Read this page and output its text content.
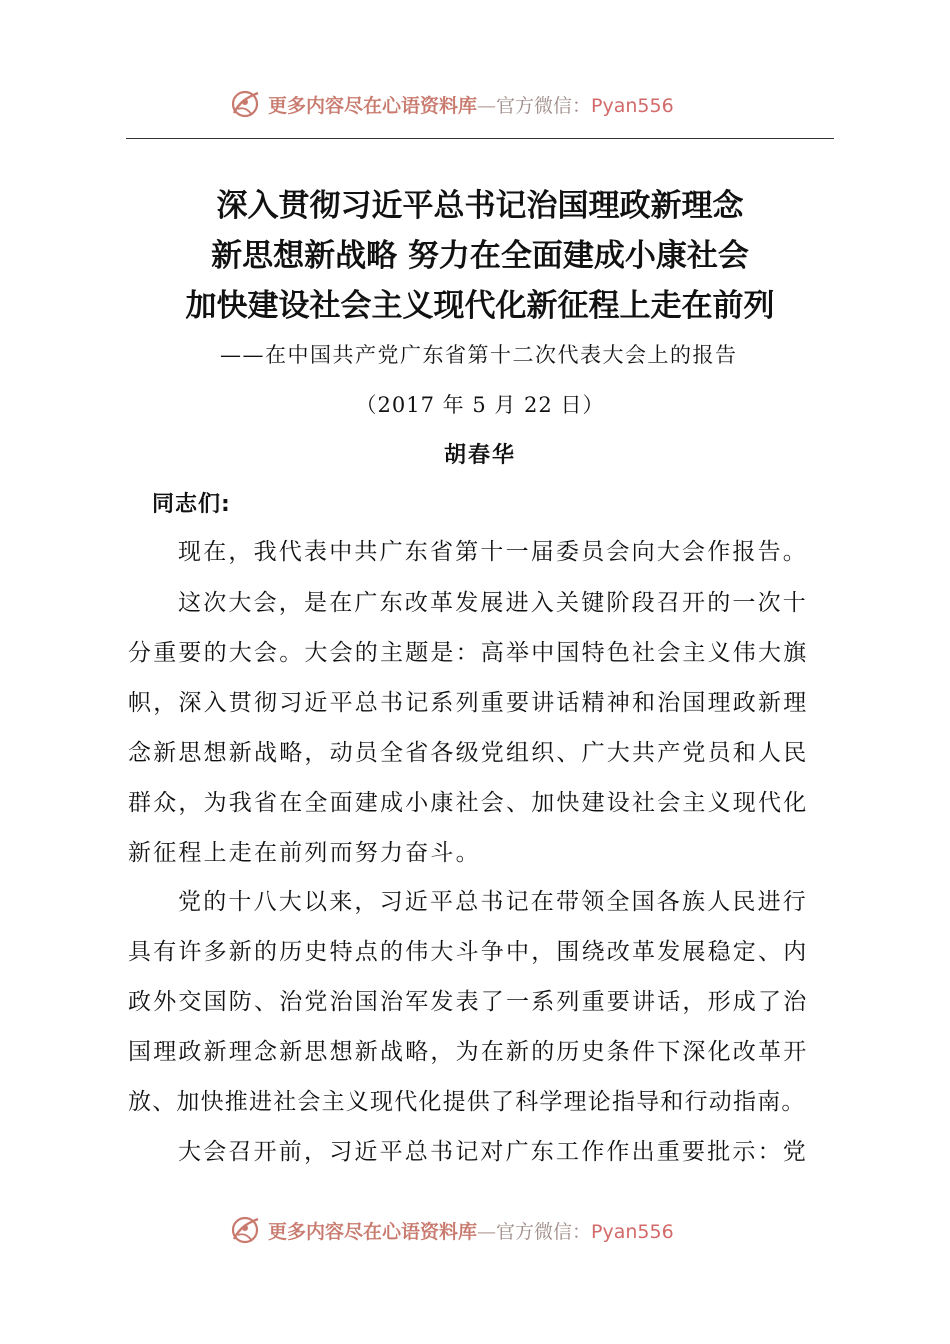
更多内容尽在心语资料库—官方微信：Pyan556
深入贯彻习近平总书记治国理政新理念
新思想新战略 努力在全面建成小康社会
加快建设社会主义现代化新征程上走在前列
——在中国共产党广东省第十二次代表大会上的报告
（2017 年 5 月 22 日）
胡春华
同志们:
现在，我代表中共广东省第十一届委员会向大会作报告。
这次大会，是在广东改革发展进入关键阶段召开的一次十
分重要的大会。大会的主题是：高举中国特色社会主义伟大旗
帜，深入贯彻习近平总书记系列重要讲话精神和治国理政新理
念新思想新战略，动员全省各级党组织、广大共产党员和人民
群众，为我省在全面建成小康社会、加快建设社会主义现代化
新征程上走在前列而努力奋斗。
党的十八大以来，习近平总书记在带领全国各族人民进行
具有许多新的历史特点的伟大斗争中，围绕改革发展稳定、内
政外交国防、治党治国治军发表了一系列重要讲话，形成了治
国理政新理念新思想新战略，为在新的历史条件下深化改革开
放、加快推进社会主义现代化提供了科学理论指导和行动指南。
大会召开前，习近平总书记对广东工作作出重要批示：党
更多内容尽在心语资料库—官方微信：Pyan556
